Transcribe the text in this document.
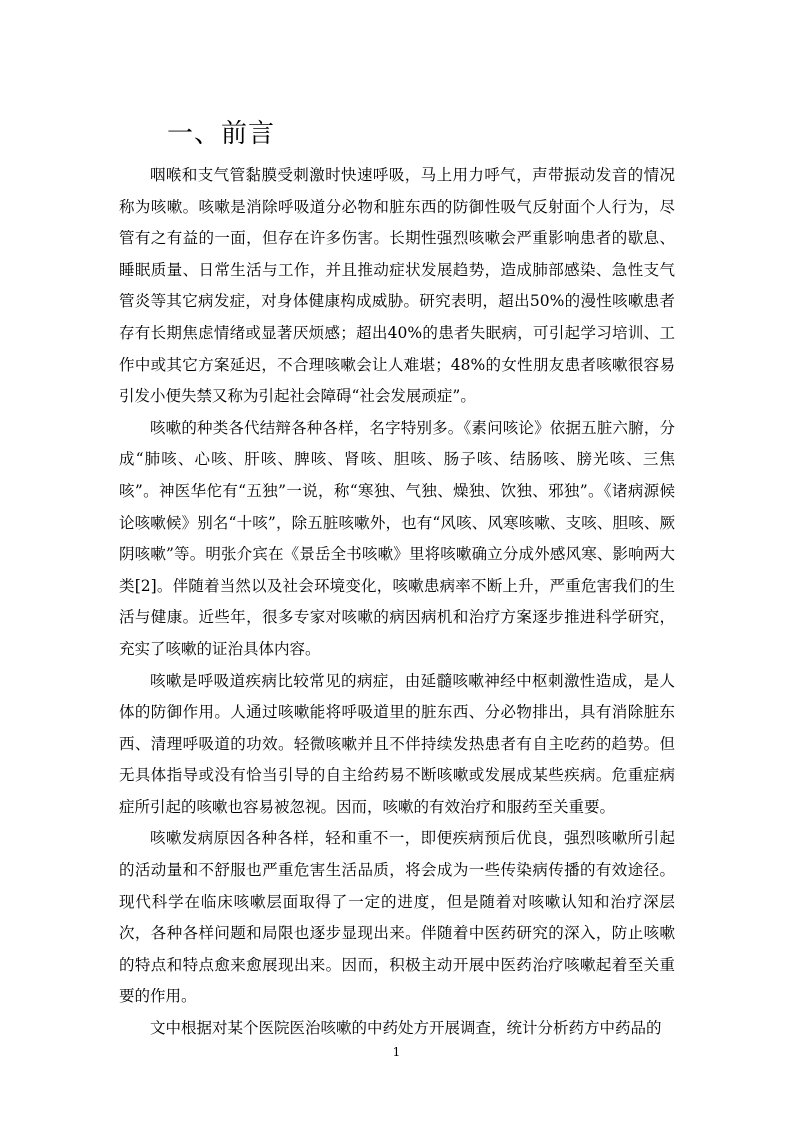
一、前言

咽喉和支气管黏膜受刺激时快速呼吸，马上用力呼气，声带振动发音的情况称为咳嗽。咳嗽是消除呼吸道分必物和脏东西的防御性吸气反射面个人行为，尽管有之有益的一面，但存在许多伤害。长期性强烈咳嗽会严重影响患者的歇息、睡眠质量、日常生活与工作，并且推动症状发展趋势，造成肺部感染、急性支气管炎等其它病发症，对身体健康构成威胁。研究表明，超出50%的漫性咳嗽患者存有长期焦虑情绪或显著厌烦感；超出40%的患者失眠病，可引起学习培训、工作中或其它方案延迟，不合理咳嗽会让人难堪；48%的女性朋友患者咳嗽很容易引发小便失禁又称为引起社会障碍“社会发展顽症”。

咳嗽的种类各代结辩各种各样，名字特别多。《素问咳论》依据五脏六腑，分成“肺咳、心咳、肝咳、脾咳、肾咳、胆咳、肠子咳、结肠咳、膀光咳、三焦咳”。神医华佗有“五独”一说，称“寒独、气独、燥独、饮独、邪独”。《诸病源候论咳嗽候》别名“十咳”，除五脏咳嗽外，也有“风咳、风寒咳嗽、支咳、胆咳、厥阴咳嗽”等。明张介宾在《景岳全书咳嗽》里将咳嗽确立分成外感风寒、影响两大类[2]。伴随着当然以及社会环境变化，咳嗽患病率不断上升，严重危害我们的生活与健康。近些年，很多专家对咳嗽的病因病机和治疗方案逐步推进科学研究，充实了咳嗽的证治具体内容。

咳嗽是呼吸道疾病比较常见的病症，由延髓咳嗽神经中枢刺激性造成，是人体的防御作用。人通过咳嗽能将呼吸道里的脏东西、分必物排出，具有消除脏东西、清理呼吸道的功效。轻微咳嗽并且不伴持续发热患者有自主吃药的趋势。但无具体指导或没有恰当引导的自主给药易不断咳嗽或发展成某些疾病。危重症病症所引起的咳嗽也容易被忽视。因而，咳嗽的有效治疗和服药至关重要。

咳嗽发病原因各种各样，轻和重不一，即便疾病预后优良，强烈咳嗽所引起的活动量和不舒服也严重危害生活品质，将会成为一些传染病传播的有效途径。现代科学在临床咳嗽层面取得了一定的进度，但是随着对咳嗽认知和治疗深层次，各种各样问题和局限也逐步显现出来。伴随着中医药研究的深入，防止咳嗽的特点和特点愈来愈展现出来。因而，积极主动开展中医药治疗咳嗽起着至关重要的作用。

文中根据对某个医院医治咳嗽的中药处方开展调查，统计分析药方中药品的

1
